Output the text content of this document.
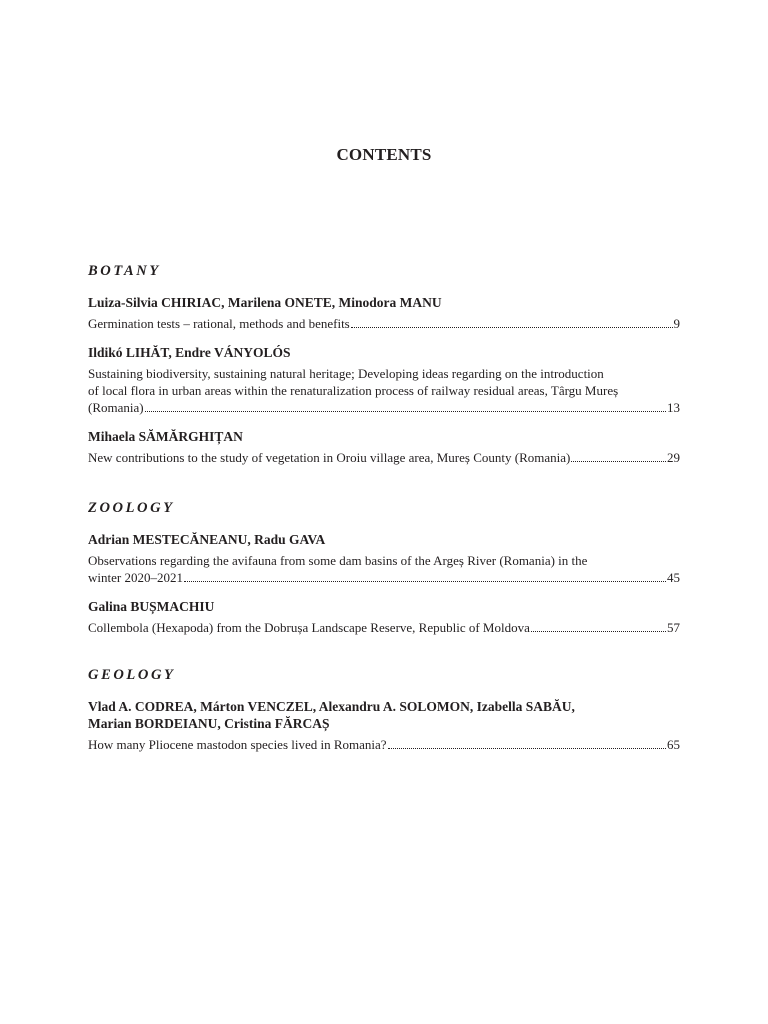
CONTENTS
BOTANY
Luiza-Silvia CHIRIAC, Marilena ONETE, Minodora MANU
Germination tests – rational, methods and benefits	9
Ildikó LIHĂT, Endre VÁNYOLÓS
Sustaining biodiversity, sustaining natural heritage; Developing ideas regarding on the introduction
of local flora in urban areas within the renaturalization process of railway residual areas, Târgu Mureș
(Romania)	13
Mihaela SĂMĂRGHIȚAN
New contributions to the study of vegetation in Oroiu village area, Mureș County (Romania)	29
ZOOLOGY
Adrian MESTECĂNEANU, Radu GAVA
Observations regarding the avifauna from some dam basins of the Argeș River (Romania) in the
winter 2020–2021	45
Galina BUȘMACHIU
Collembola (Hexapoda) from the Dobrușa Landscape Reserve, Republic of Moldova	57
GEOLOGY
Vlad A. CODREA, Márton VENCZEL, Alexandru A. SOLOMON, Izabella SABĂU,
Marian BORDEIANU, Cristina FĂRCAȘ
How many Pliocene mastodon species lived in Romania?	65
